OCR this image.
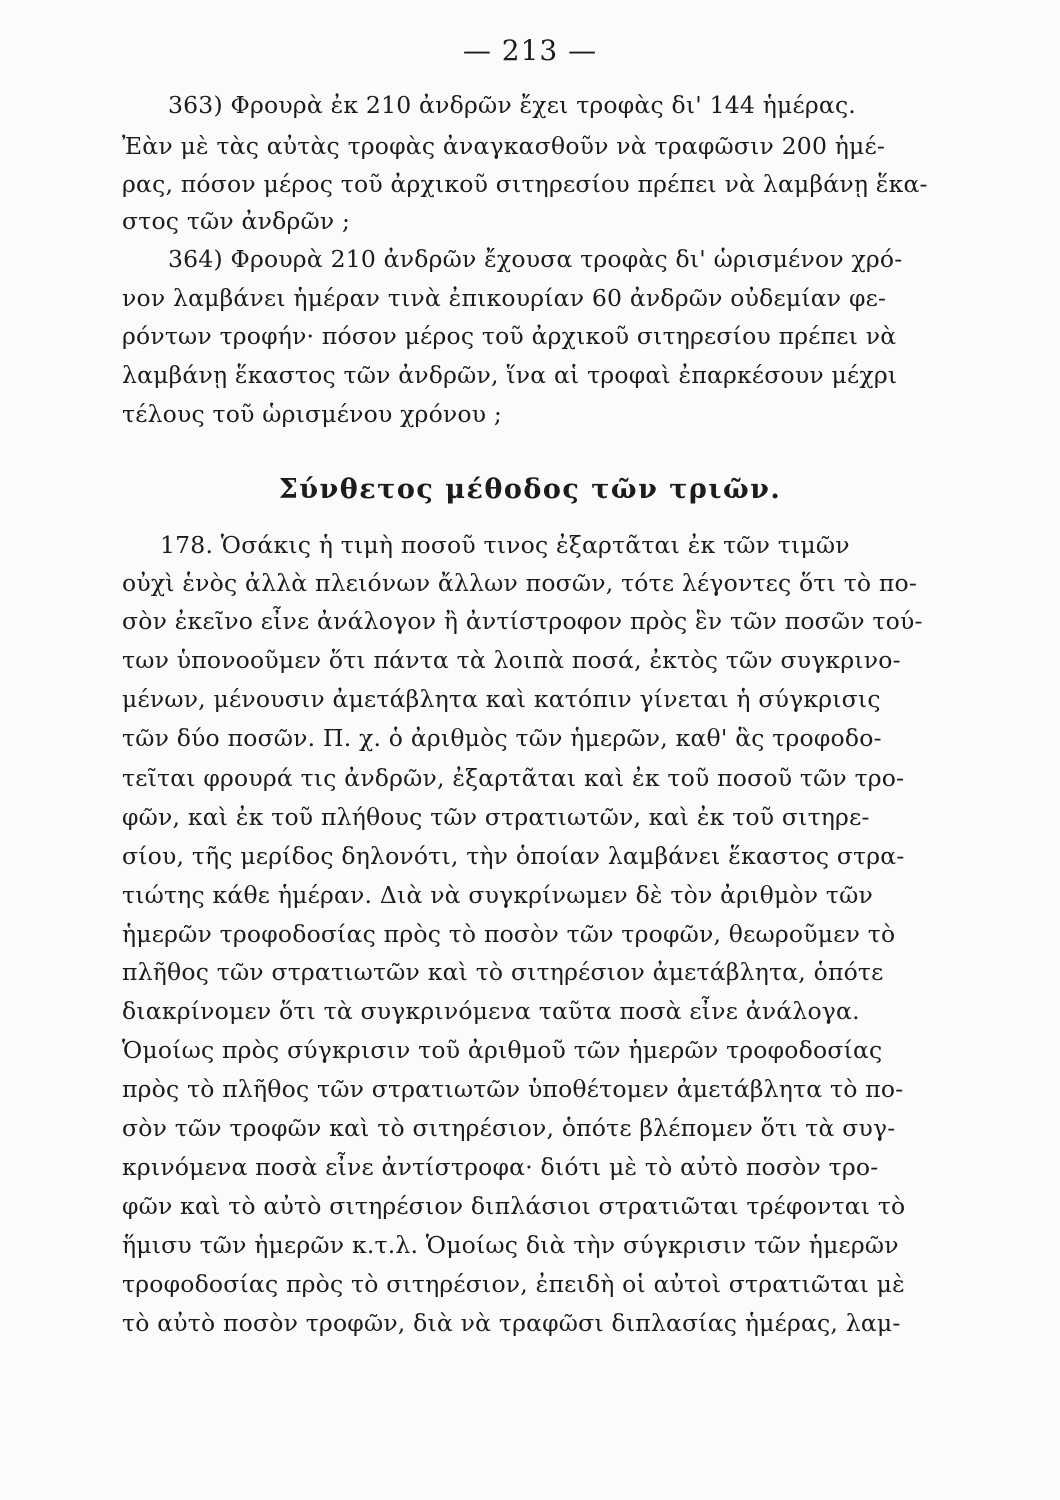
— 213 —
363) Φρουρὰ ἐκ 210 ἀνδρῶν ἔχει τροφὰς δι' 144 ἡμέρας.
Ἐὰν μὲ τὰς αὐτὰς τροφὰς ἀναγκασθοῦν νὰ τραφῶσιν 200 ἡμέ-
ρας, πόσον μέρος τοῦ ἀρχικοῦ σιτηρεσίου πρέπει νὰ λαμβάνῃ ἕκα-
στος τῶν ἀνδρῶν ;
364) Φρουρὰ 210 ἀνδρῶν ἔχουσα τροφὰς δι' ὡρισμένον χρό-
νον λαμβάνει ἡμέραν τινὰ ἐπικουρίαν 60 ἀνδρῶν οὐδεμίαν φε-
ρόντων τροφήν· πόσον μέρος τοῦ ἀρχικοῦ σιτηρεσίου πρέπει νὰ
λαμβάνῃ ἕκαστος τῶν ἀνδρῶν, ἵνα αἱ τροφαὶ ἐπαρκέσουν μέχρι
τέλους τοῦ ὡρισμένου χρόνου ;
Σύνθετος μέθοδος τῶν τριῶν.
178. Ὁσάκις ἡ τιμὴ ποσοῦ τινος ἐξαρτᾶται ἐκ τῶν τιμῶν
οὐχὶ ἑνὸς ἀλλὰ πλειόνων ἄλλων ποσῶν, τότε λέγοντες ὅτι τὸ πο-
σὸν ἐκεῖνο εἶνε ἀνάλογον ἢ ἀντίστροφον πρὸς ἓν τῶν ποσῶν τού-
των ὑπονοοῦμεν ὅτι πάντα τὰ λοιπὰ ποσά, ἐκτὸς τῶν συγκρινο-
μένων, μένουσιν ἀμετάβλητα καὶ κατόπιν γίνεται ἡ σύγκρισις
τῶν δύο ποσῶν. Π. χ. ὁ ἀριθμὸς τῶν ἡμερῶν, καθ' ἃς τροφοδο-
τεῖται φρουρά τις ἀνδρῶν, ἐξαρτᾶται καὶ ἐκ τοῦ ποσοῦ τῶν τρο-
φῶν, καὶ ἐκ τοῦ πλήθους τῶν στρατιωτῶν, καὶ ἐκ τοῦ σιτηρε-
σίου, τῆς μερίδος δηλονότι, τὴν ὁποίαν λαμβάνει ἕκαστος στρα-
τιώτης κάθε ἡμέραν. Διὰ νὰ συγκρίνωμεν δὲ τὸν ἀριθμὸν τῶν
ἡμερῶν τροφοδοσίας πρὸς τὸ ποσὸν τῶν τροφῶν, θεωροῦμεν τὸ
πλῆθος τῶν στρατιωτῶν καὶ τὸ σιτηρέσιον ἀμετάβλητα, ὁπότε
διακρίνομεν ὅτι τὰ συγκρινόμενα ταῦτα ποσὰ εἶνε ἀνάλογα.
Ὁμοίως πρὸς σύγκρισιν τοῦ ἀριθμοῦ τῶν ἡμερῶν τροφοδοσίας
πρὸς τὸ πλῆθος τῶν στρατιωτῶν ὑποθέτομεν ἀμετάβλητα τὸ πο-
σὸν τῶν τροφῶν καὶ τὸ σιτηρέσιον, ὁπότε βλέπομεν ὅτι τὰ συγ-
κρινόμενα ποσὰ εἶνε ἀντίστροφα· διότι μὲ τὸ αὐτὸ ποσὸν τρο-
φῶν καὶ τὸ αὐτὸ σιτηρέσιον διπλάσιοι στρατιῶται τρέφονται τὸ
ἥμισυ τῶν ἡμερῶν κ.τ.λ. Ὁμοίως διὰ τὴν σύγκρισιν τῶν ἡμερῶν
τροφοδοσίας πρὸς τὸ σιτηρέσιον, ἐπειδὴ οἱ αὐτοὶ στρατιῶται μὲ
τὸ αὐτὸ ποσὸν τροφῶν, διὰ νὰ τραφῶσι διπλασίας ἡμέρας, λαμ-
